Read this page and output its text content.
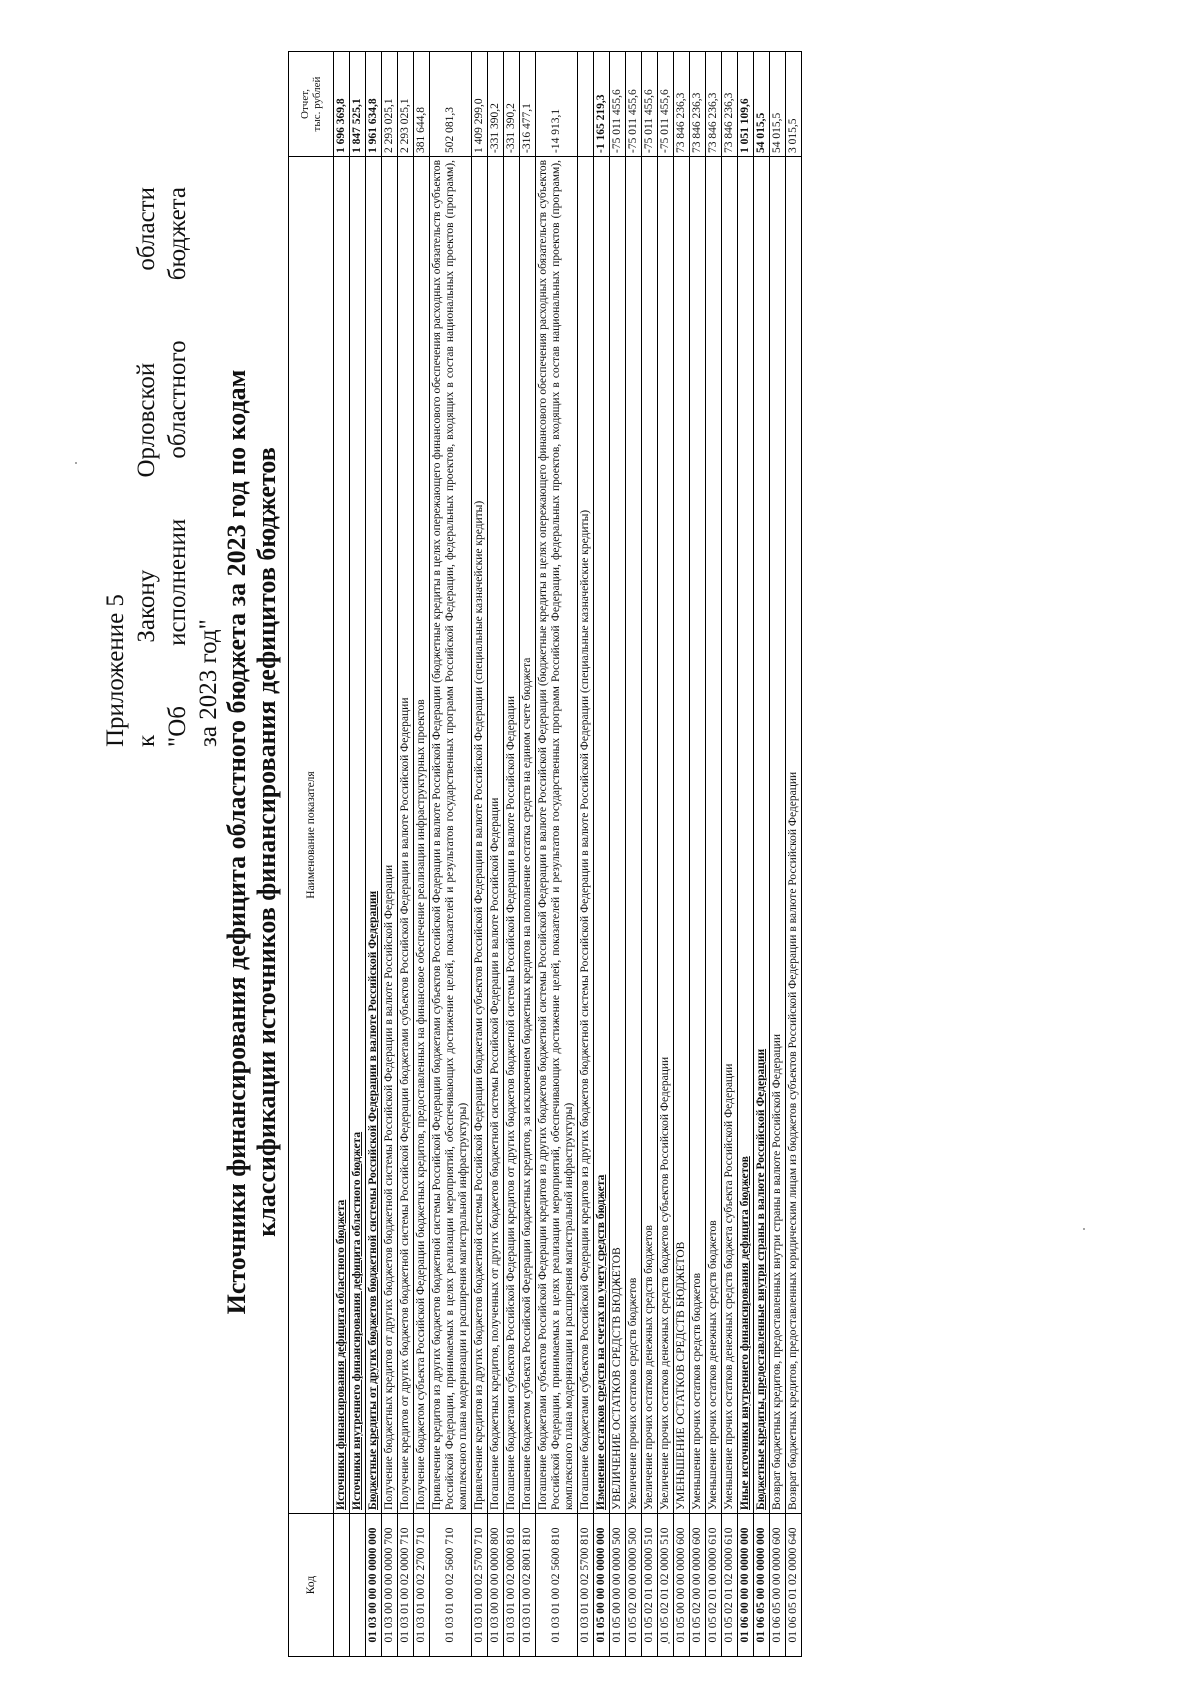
Приложение 5 к
Закону
Орловской
области
"Об
исполнении
областного
бюджета
за 2023 год" Источники финансирования дефицита областного бюджета за 2023 год по кодам классификации источников финансирования дефицитов бюджетов
Код	Наименование показателя	Отчет,
тыс. рублей
	Источники финансирования дефицита областного бюджета	1 696 369,8
	Источники внутреннего финансирования дефицита областного бюджета	1 847 525,1
01 03 00 00 00 0000 000	Бюджетные кредиты от других бюджетов бюджетной системы Российской Федерации в валюте Российской Федерации	1 961 634,8
01 03 00 00 00 0000 700	Получение бюджетных кредитов от других бюджетов бюджетной системы Российской Федерации в валюте Российской Федерации	2 293 025,1
01 03 01 00 02 0000 710	Получение кредитов от других бюджетов бюджетной системы Российской Федерации бюджетами субъектов Российской Федерации в валюте Российской Федерации	2 293 025,1
01 03 01 00 02 2700 710	Получение бюджетом субъекта Российской Федерации бюджетных кредитов, предоставленных на финансовое обеспечение реализации инфраструктурных проектов	381 644,8
01 03 01 00 02 5600 710	Привлечение кредитов из других бюджетов бюджетной системы Российской Федерации бюджетами субъектов Российской Федерации в валюте Российской Федерации (бюджетные кредиты в целях опережающего финансового обеспечения расходных обязательств субъектов Российской Федерации, принимаемых в целях реализации мероприятий, обеспечивающих достижение целей, показателей и результатов государственных программ Российской Федерации, федеральных проектов, входящих в состав национальных проектов (программ), комплексного плана модернизации и расширения магистральной инфраструктуры)	502 081,3
01 03 01 00 02 5700 710	Привлечение кредитов из других бюджетов бюджетной системы Российской Федерации бюджетами субъектов Российской Федерации в валюте Российской Федерации (специальные казначейские кредиты)	1 409 299,0
01 03 00 00 00 0000 800	Погашение бюджетных кредитов, полученных от других бюджетов бюджетной системы Российской Федерации в валюте Российской Федерации	-331 390,2
01 03 01 00 02 0000 810	Погашение бюджетами субъектов Российской Федерации кредитов от других бюджетов бюджетной системы Российской Федерации в валюте Российской Федерации	-331 390,2
01 03 01 00 02 8001 810	Погашение бюджетом субъекта Российской Федерации бюджетных кредитов, за исключением бюджетных кредитов на пополнение остатка средств на едином счете бюджета	-316 477,1
01 03 01 00 02 5600 810	Погашение бюджетами субъектов Российской Федерации кредитов из других бюджетов бюджетной системы Российской Федерации в валюте Российской Федерации (бюджетные кредиты в целях опережающего финансового обеспечения расходных обязательств субъектов Российской Федерации, принимаемых в целях реализации мероприятий, обеспечивающих достижение целей, показателей и результатов государственных программ Российской Федерации, федеральных проектов, входящих в состав национальных проектов (программ), комплексного плана модернизации и расширения магистральной инфраструктуры)	-14 913,1
01 03 01 00 02 5700 810	Погашение бюджетами субъектов Российской Федерации кредитов из других бюджетов бюджетной системы Российской Федерации в валюте Российской Федерации (специальные казначейские кредиты)	
01 05 00 00 00 0000 000	Изменение остатков средств на счетах по учету средств бюджета	-1 165 219,3
01 05 00 00 00 0000 500	УВЕЛИЧЕНИЕ ОСТАТКОВ СРЕДСТВ БЮДЖЕТОВ	-75 011 455,6
01 05 02 00 00 0000 500	Увеличение прочих остатков средств бюджетов	-75 011 455,6
01 05 02 01 00 0000 510	Увеличение прочих остатков денежных средств бюджетов	-75 011 455,6
01 05 02 01 02 0000 510	Увеличение прочих остатков денежных средств бюджетов субъектов Российской Федерации	-75 011 455,6
01 05 00 00 00 0000 600	УМЕНЬШЕНИЕ ОСТАТКОВ СРЕДСТВ БЮДЖЕТОВ	73 846 236,3
01 05 02 00 00 0000 600	Уменьшение прочих остатков средств бюджетов	73 846 236,3
01 05 02 01 00 0000 610	Уменьшение прочих остатков денежных средств бюджетов	73 846 236,3
01 05 02 01 02 0000 610	Уменьшение прочих остатков денежных средств бюджета субъекта Российской Федерации	73 846 236,3
01 06 00 00 00 0000 000	Иные источники внутреннего финансирования дефицита бюджетов	1 051 109,6
01 06 05 00 00 0000 000	Бюджетные кредиты, предоставленные внутри страны в валюте Российской Федерации	54 015,5
01 06 05 00 00 0000 600	Возврат бюджетных кредитов, предоставленных внутри страны в валюте Российской Федерации	54 015,5
01 06 05 01 02 0000 640	Возврат бюджетных кредитов, предоставленных юридическим лицам из бюджетов субъектов Российской Федерации в валюте Российской Федерации	3 015,5
